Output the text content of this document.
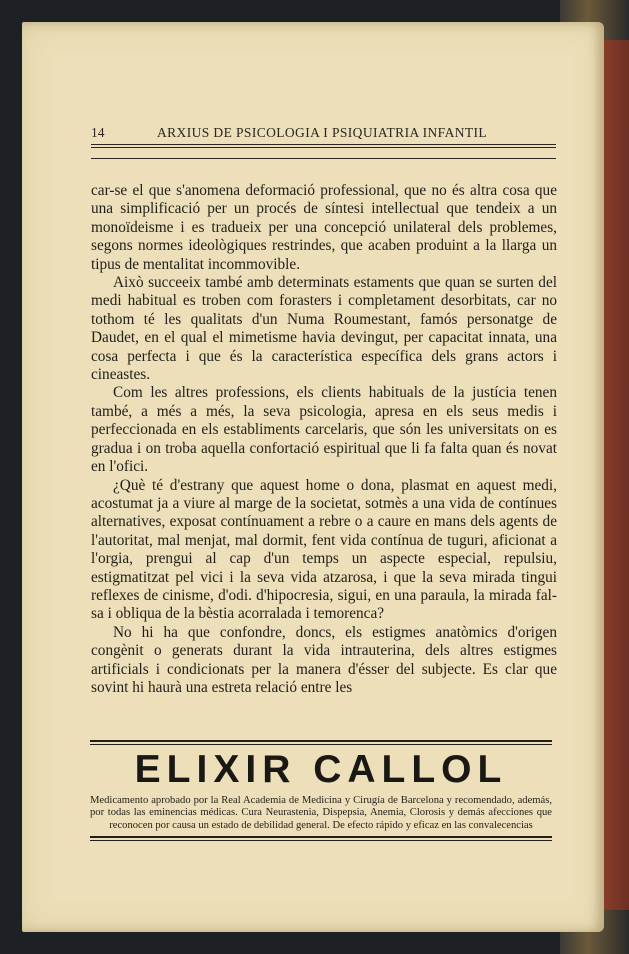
14	ARXIUS DE PSICOLOGIA I PSIQUIATRIA INFANTIL

car-se el que s'anomena deformació professional, que no és altra cosa que una simplificació per un procés de síntesi intellectual que tendeix a un monoïdeisme i es tradueix per una concepció unilateral dels problemes, segons normes ideològiques restrindes, que acaben produint a la llarga un tipus de mentalitat incommovible.

Això succeeix també amb determinats estaments que quan se surten del medi habitual es troben com forasters i completament desorbitats, car no tothom té les qualitats d'un Numa Roumestant, famós personatge de Daudet, en el qual el mimetisme havia devingut, per capacitat innata, una cosa perfecta i que és la característica específica dels grans actors i cineastes.

Com les altres professions, els clients habituals de la justícia tenen també, a més a més, la seva psicologia, apresa en els seus medis i perfeccionada en els establiments carcelaris, que són les universitats on es gradua i on troba aquella confortació espiritual que li fa falta quan és novat en l'ofici.

¿Què té d'estrany que aquest home o dona, plasmat en aquest medi, acostumat ja a viure al marge de la societat, sotmès a una vida de contínues alternatives, exposat contínuament a rebre o a caure en mans dels agents de l'autoritat, mal menjat, mal dormit, fent vida contínua de tuguri, aficionat a l'orgia, prengui al cap d'un temps un aspecte especial, repulsiu, estigmatitzat pel vici i la seva vida atzarosa, i que la seva mirada tingui reflexes de cinisme, d'odi. d'hipocresia, sigui, en una paraula, la mirada falsa i obliqua de la bèstia acorralada i temorenca?

No hi ha que confondre, doncs, els estigmes anatòmics d'origen congènit o generats durant la vida intrauterina, dels altres estigmes artificials i condicionats per la manera d'ésser del subjecte. Es clar que sovint hi haurà una estreta relació entre les

ELIXIR CALLOL
Medicamento aprobado por la Real Academia de Medicina y Cirugía de Barcelona y recomendado, además, por todas las eminencias médicas. Cura Neurastenia, Dispepsia, Anemia, Clorosis y demás afecciones que reconocen por causa un estado de debilidad general. De efecto rápido y eficaz en las convalecencias
